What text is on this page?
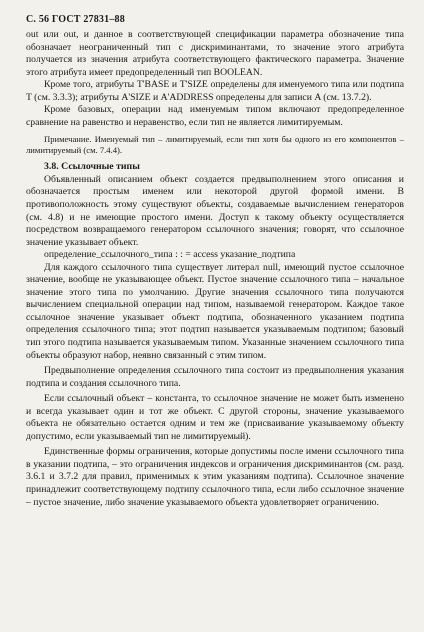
С. 56 ГОСТ 27831–88

out или out, и данное в соответствующей спецификации параметра обозначение типа обозначает неограниченный тип с дискриминантами, то значение этого атрибута получается из значения атрибута соответствующего фактического параметра. Значение этого атрибута имеет предопределенный тип BOOLEAN.

Кроме того, атрибуты T'BASE и T'SIZE определены для именуемого типа или подтипа T (см. 3.3.3); атрибуты A'SIZE и A'ADDRESS определены для записи A (см. 13.7.2).

Кроме базовых, операции над именуемым типом включают предопределенное сравнение на равенство и неравенство, если тип не является лимитируемым.

Примечание. Именуемый тип – лимитируемый, если тип хотя бы одного из его компонентов – лимитируемый (см. 7.4.4).

3.8. Ссылочные типы

Объявленный описанием объект создается предвыполнением этого описания и обозначается простым именем или некоторой другой формой имени. В противоположность этому существуют объекты, создаваемые вычислением генераторов (см. 4.8) и не имеющие простого имени. Доступ к такому объекту осуществляется посредством возвращаемого генератором ссылочного значения; говорят, что ссылочное значение указывает объект.

определение_ссылочного_типа : : = access указание_подтипа

Для каждого ссылочного типа существует литерал null, имеющий пустое ссылочное значение, вообще не указывающее объект. Пустое значение ссылочного типа – начальное значение этого типа по умолчанию. Другие значения ссылочного типа получаются вычислением специальной операции над типом, называемой генератором. Каждое такое ссылочное значение указывает объект подтипа, обозначенного указанием подтипа определения ссылочного типа; этот подтип называется указываемым подтипом; базовый тип этого подтипа называется указываемым типом. Указанные значением ссылочного типа объекты образуют набор, неявно связанный с этим типом.

Предвыполнение определения ссылочного типа состоит из предвыполнения указания подтипа и создания ссылочного типа.

Если ссылочный объект – константа, то ссылочное значение не может быть изменено и всегда указывает один и тот же объект. С другой стороны, значение указываемого объекта не обязательно остается одним и тем же (присваивание указываемому объекту допустимо, если указываемый тип не лимитируемый).

Единственные формы ограничения, которые допустимы после имени ссылочного типа в указании подтипа, – это ограничения индексов и ограничения дискриминантов (см. разд. 3.6.1 и 3.7.2 для правил, применимых к этим указаниям подтипа). Ссылочное значение принадлежит соответствующему подтипу ссылочного типа, если либо ссылочное значение – пустое значение, либо значение указываемого объекта удовлетворяет ограничению.
